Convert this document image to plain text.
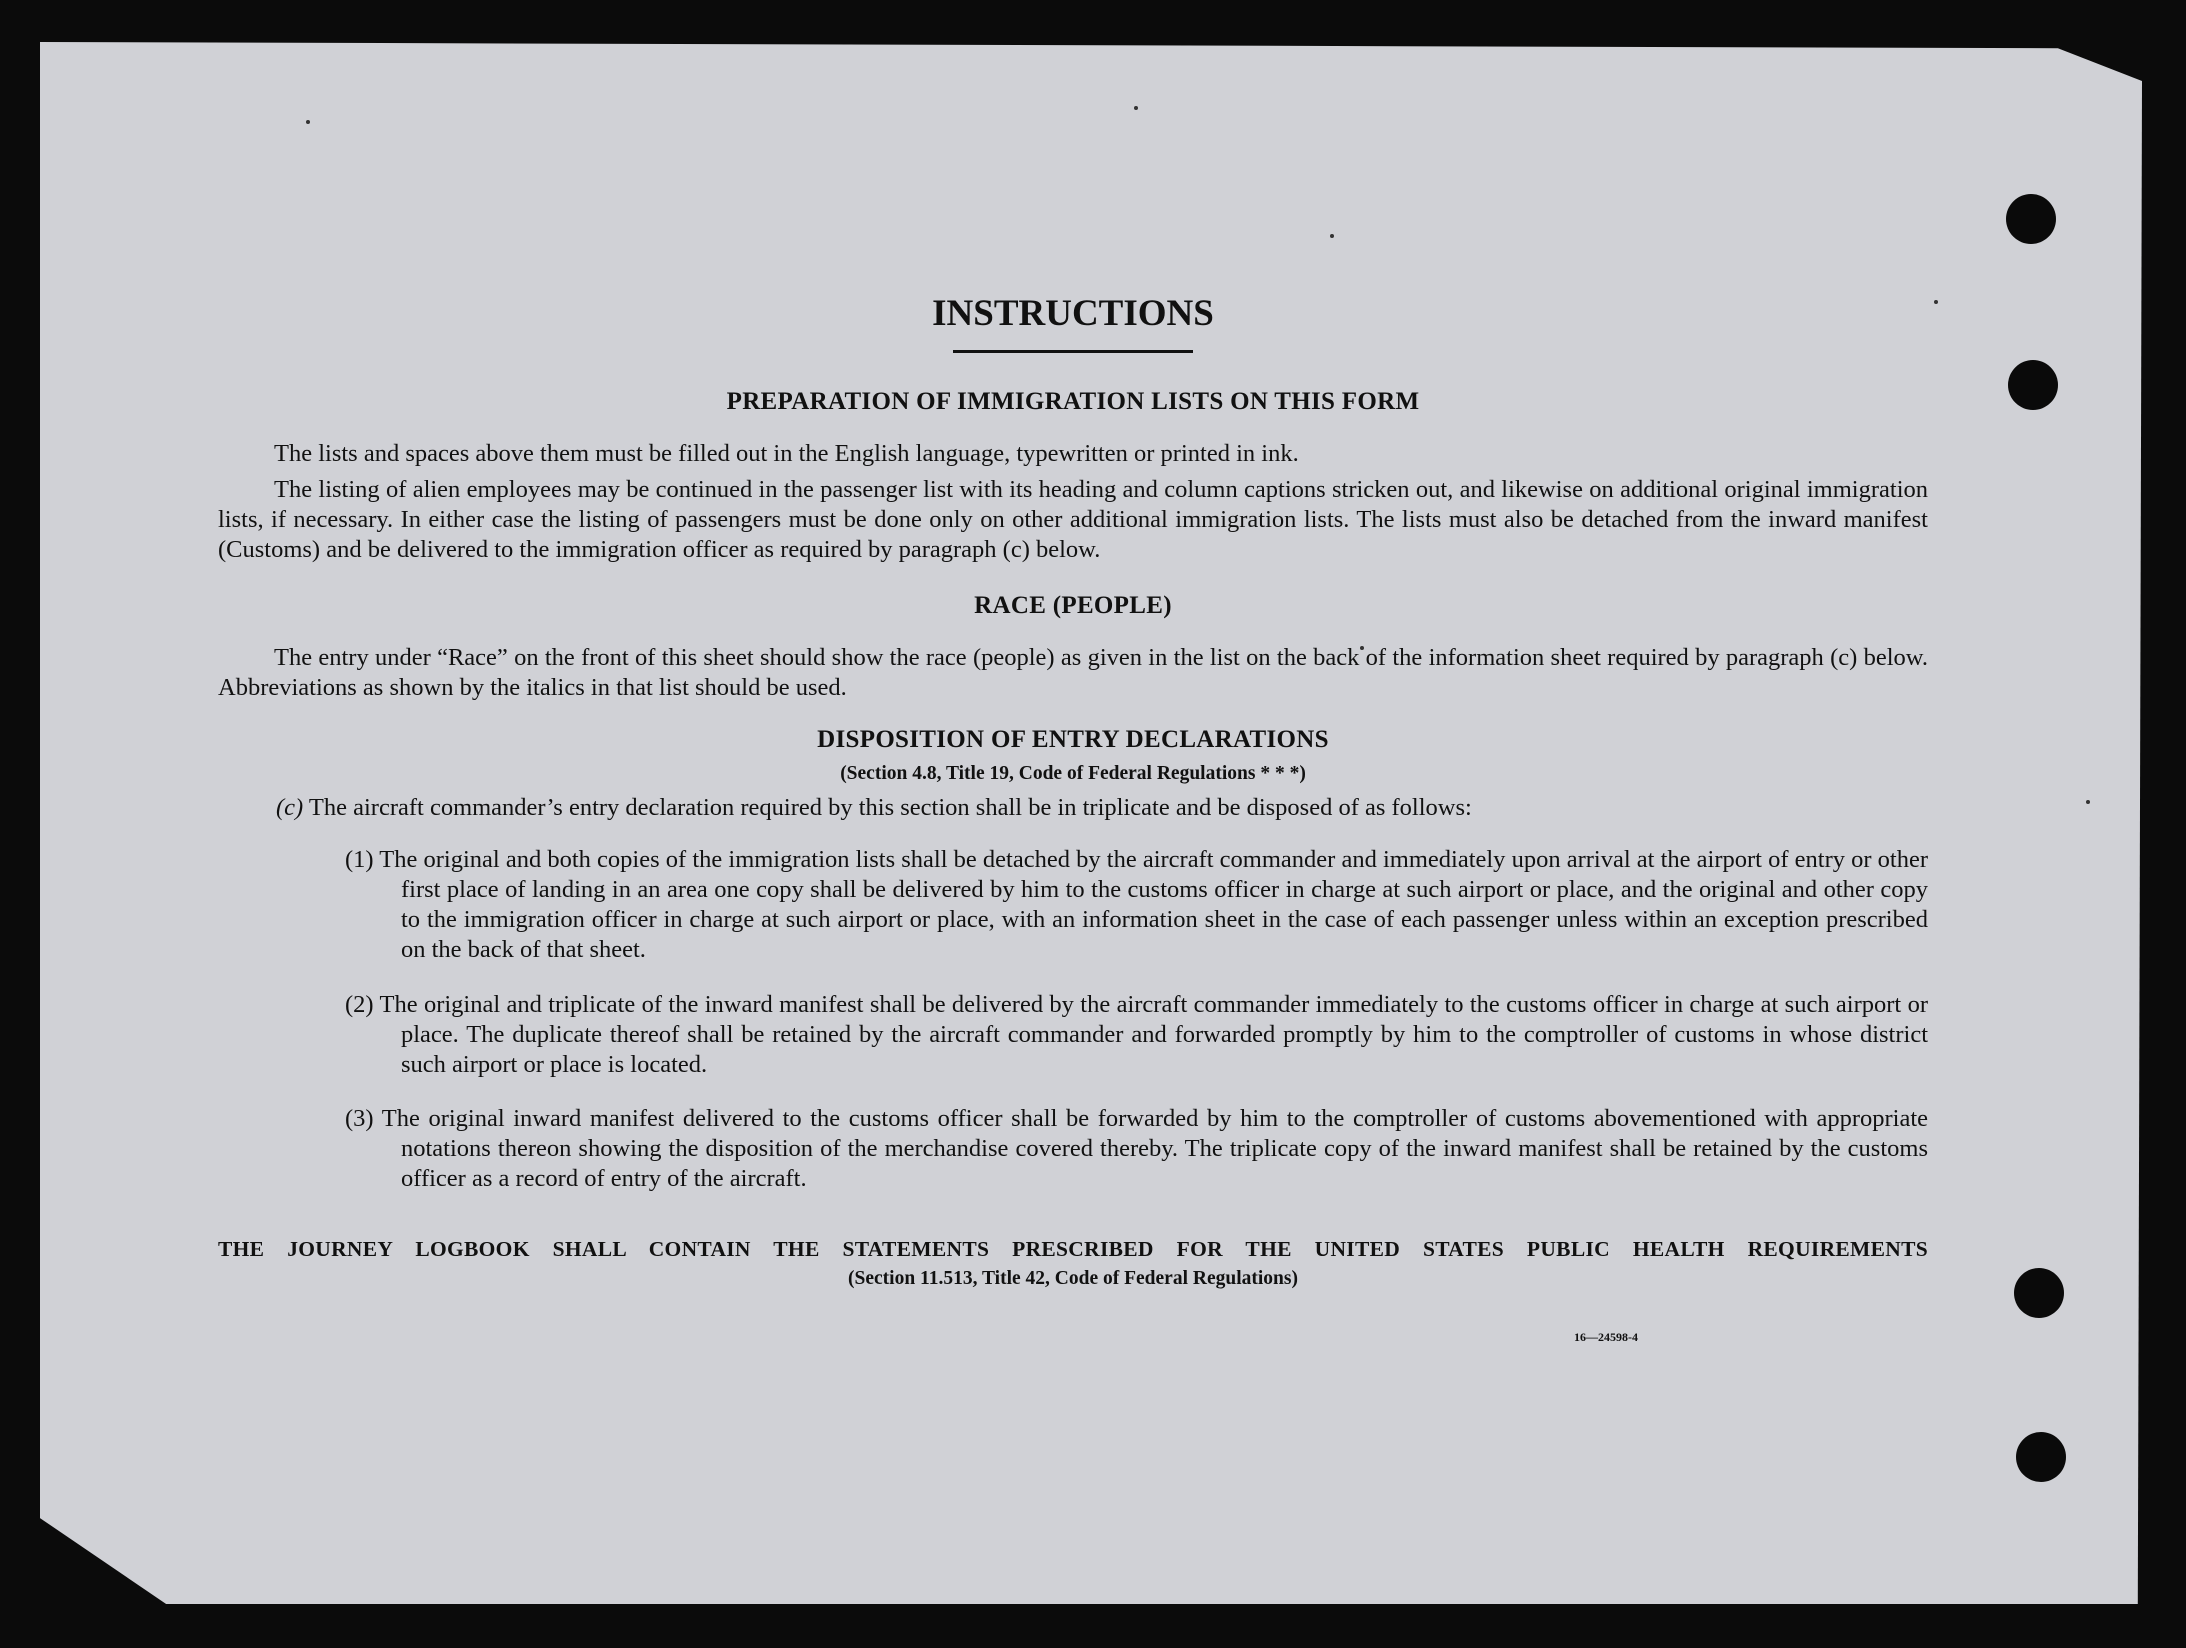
INSTRUCTIONS
PREPARATION OF IMMIGRATION LISTS ON THIS FORM

The lists and spaces above them must be filled out in the English language, typewritten or printed in ink.

The listing of alien employees may be continued in the passenger list with its heading and column captions stricken out, and likewise on additional original immigration lists, if necessary. In either case the listing of passengers must be done only on other additional immigration lists. The lists must also be detached from the inward manifest (Customs) and be delivered to the immigration officer as required by paragraph (c) below.

RACE (PEOPLE)

The entry under “Race” on the front of this sheet should show the race (people) as given in the list on the back of the information sheet required by paragraph (c) below. Abbreviations as shown by the italics in that list should be used.

DISPOSITION OF ENTRY DECLARATIONS
(Section 4.8, Title 19, Code of Federal Regulations * * *)
(c) The aircraft commander’s entry declaration required by this section shall be in triplicate and be disposed of as follows:

(1) The original and both copies of the immigration lists shall be detached by the aircraft commander and immediately upon arrival at the airport of entry or other first place of landing in an area one copy shall be delivered by him to the customs officer in charge at such airport or place, and the original and other copy to the immigration officer in charge at such airport or place, with an information sheet in the case of each passenger unless within an exception prescribed on the back of that sheet.

(2) The original and triplicate of the inward manifest shall be delivered by the aircraft commander immediately to the customs officer in charge at such airport or place. The duplicate thereof shall be retained by the aircraft commander and forwarded promptly by him to the comptroller of customs in whose district such airport or place is located.

(3) The original inward manifest delivered to the customs officer shall be forwarded by him to the comptroller of customs abovementioned with appropriate notations thereon showing the disposition of the merchandise covered thereby. The triplicate copy of the inward manifest shall be retained by the customs officer as a record of entry of the aircraft.

THE JOURNEY LOGBOOK SHALL CONTAIN THE STATEMENTS PRESCRIBED FOR THE UNITED STATES PUBLIC HEALTH REQUIREMENTS
(Section 11.513, Title 42, Code of Federal Regulations)
16—24598-4
